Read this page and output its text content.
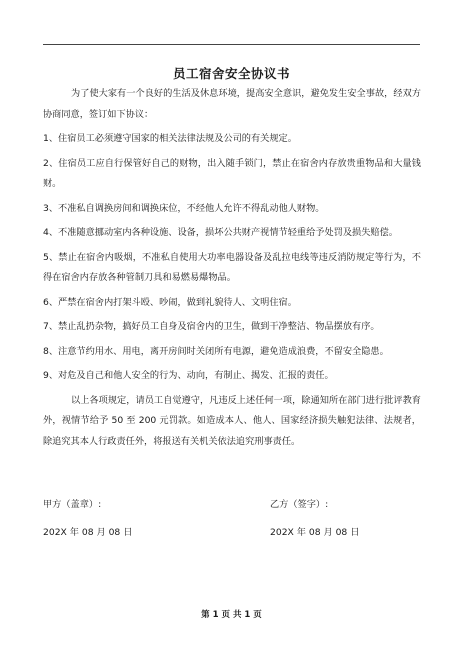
员工宿舍安全协议书

为了使大家有一个良好的生活及休息环境，提高安全意识，避免发生安全事故，经双方协商同意，签订如下协议：

1、住宿员工必须遵守国家的相关法律法规及公司的有关规定。

2、住宿员工应自行保管好自己的财物，出入随手锁门，禁止在宿舍内存放贵重物品和大量钱财。

3、不准私自调换房间和调换床位，不经他人允许不得乱动他人财物。

4、不准随意挪动室内各种设施、设备，损坏公共财产视情节轻重给予处罚及损失赔偿。

5、禁止在宿舍内吸烟，不准私自使用大功率电器设备及乱拉电线等违反消防规定等行为，不得在宿舍内存放各种管制刀具和易燃易爆物品。

6、严禁在宿舍内打架斗殴、吵闹，做到礼貌待人、文明住宿。

7、禁止乱扔杂物，搞好员工自身及宿舍内的卫生，做到干净整洁、物品摆放有序。

8、注意节约用水、用电，离开房间时关闭所有电源，避免造成浪费，不留安全隐患。

9、对危及自己和他人安全的行为、动向，有制止、揭发、汇报的责任。

以上各项规定，请员工自觉遵守，凡违反上述任何一项，除通知所在部门进行批评教育外，视情节给予 50 至 200 元罚款。如造成本人、他人、国家经济损失触犯法律、法规者，除追究其本人行政责任外，将报送有关机关依法追究刑事责任。

甲方（盖章）:	乙方（签字）:
202X 年 08 月 08 日	202X 年 08 月 08 日
第 1 页 共 1 页
